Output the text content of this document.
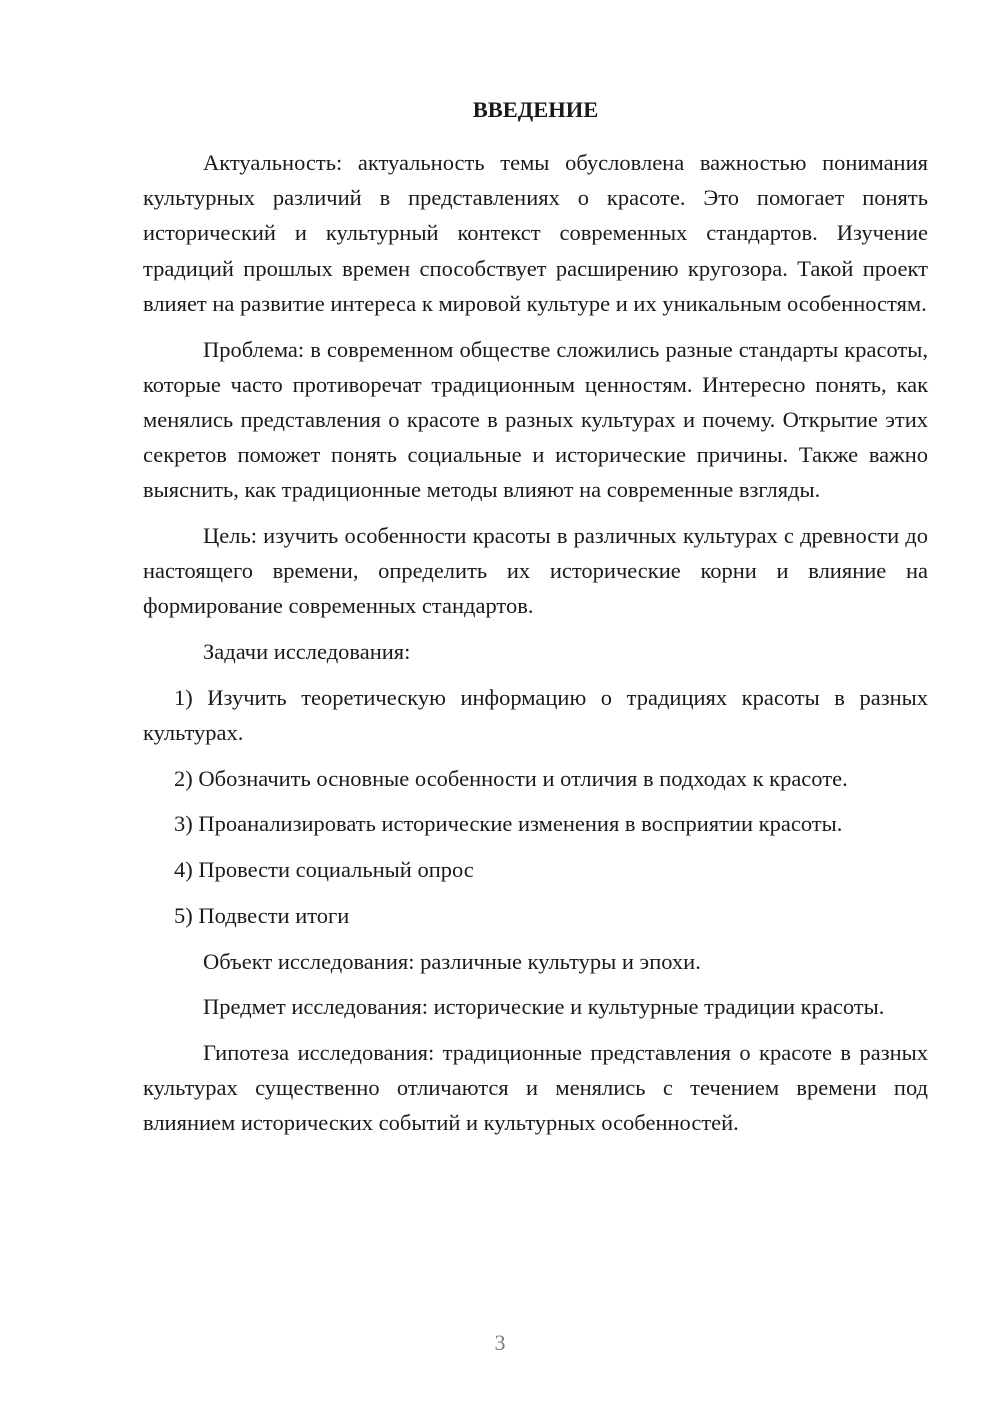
ВВЕДЕНИЕ

Актуальность: актуальность темы обусловлена важностью понимания культурных различий в представлениях о красоте. Это помогает понять исторический и культурный контекст современных стандартов. Изучение традиций прошлых времен способствует расширению кругозора. Такой проект влияет на развитие интереса к мировой культуре и их уникальным особенностям.

Проблема: в современном обществе сложились разные стандарты красоты, которые часто противоречат традиционным ценностям. Интересно понять, как менялись представления о красоте в разных культурах и почему. Открытие этих секретов поможет понять социальные и исторические причины. Также важно выяснить, как традиционные методы влияют на современные взгляды.

Цель: изучить особенности красоты в различных культурах с древности до настоящего времени, определить их исторические корни и влияние на формирование современных стандартов.

Задачи исследования:

1) Изучить теоретическую информацию о традициях красоты в разных культурах.

2) Обозначить основные особенности и отличия в подходах к красоте.

3) Проанализировать исторические изменения в восприятии красоты.

4) Провести социальный опрос

5) Подвести итоги

Объект исследования: различные культуры и эпохи.

Предмет исследования: исторические и культурные традиции красоты.

Гипотеза исследования: традиционные представления о красоте в разных культурах существенно отличаются и менялись с течением времени под влиянием исторических событий и культурных особенностей.

3
